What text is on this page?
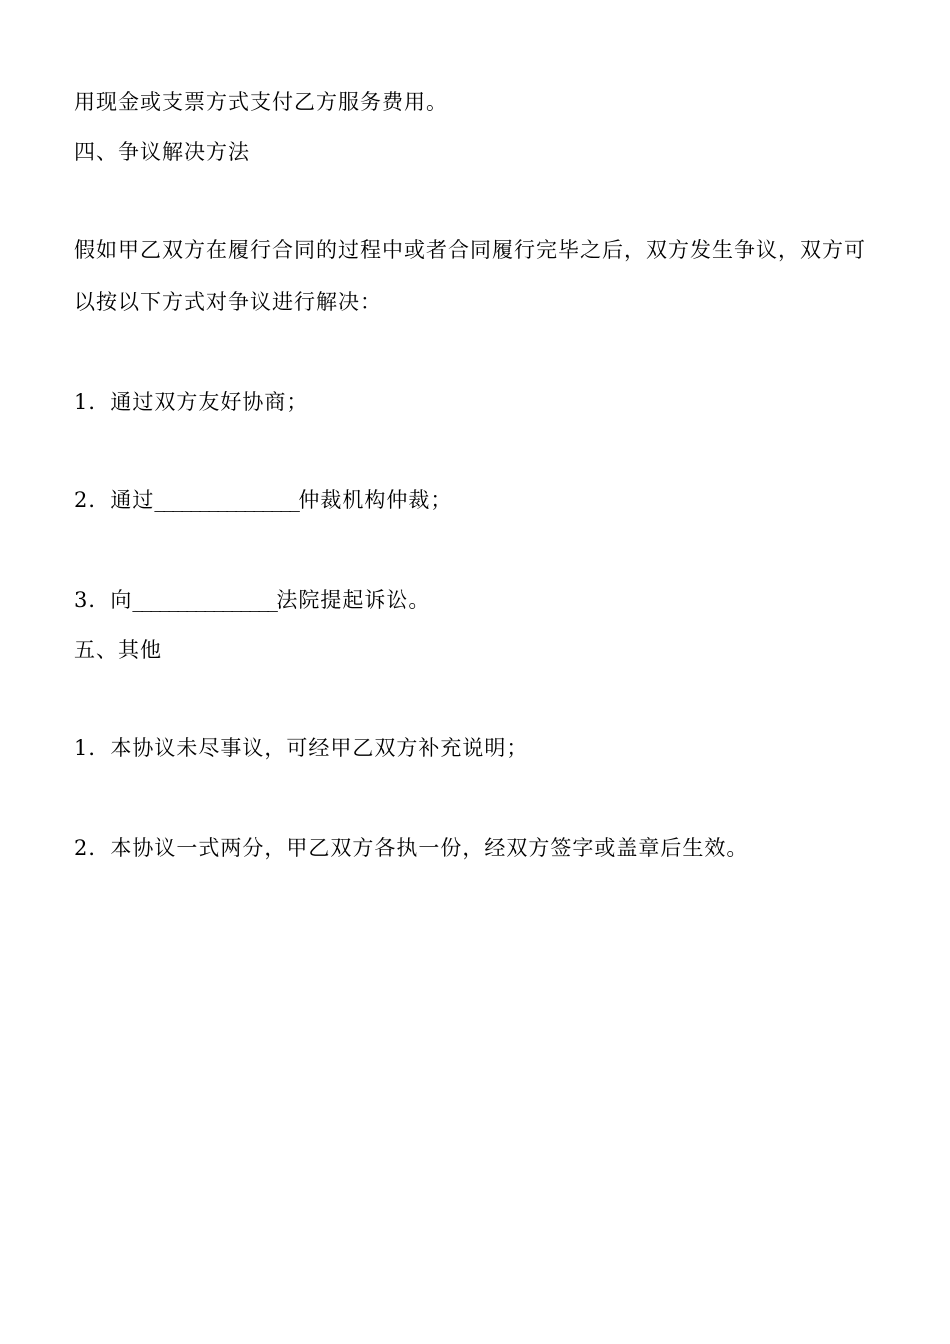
用现金或支票方式支付乙方服务费用。
四、争议解决方法
假如甲乙双方在履行合同的过程中或者合同履行完毕之后，双方发生争议，双方可
以按以下方式对争议进行解决：
1．通过双方友好协商；
2．通过________________仲裁机构仲裁；
3．向________________法院提起诉讼。
五、其他
1．本协议未尽事议，可经甲乙双方补充说明；
2．本协议一式两分，甲乙双方各执一份，经双方签字或盖章后生效。
